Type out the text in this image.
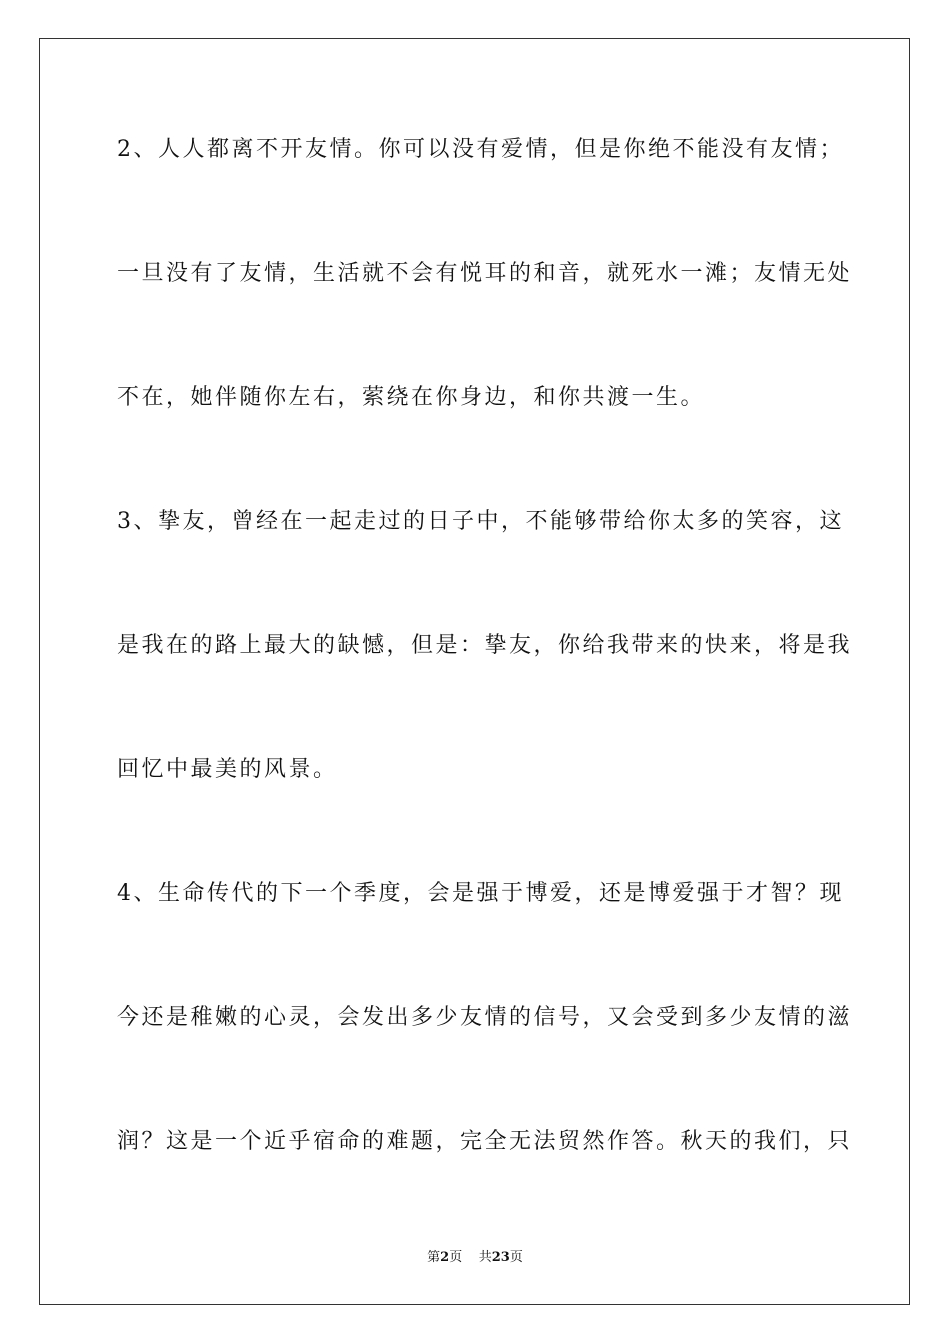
2、人人都离不开友情。你可以没有爱情，但是你绝不能没有友情；

一旦没有了友情，生活就不会有悦耳的和音，就死水一滩；友情无处

不在，她伴随你左右，萦绕在你身边，和你共渡一生。

3、挚友，曾经在一起走过的日子中，不能够带给你太多的笑容，这

是我在的路上最大的缺憾，但是：挚友，你给我带来的快来，将是我

回忆中最美的风景。

4、生命传代的下一个季度，会是强于博爱，还是博爱强于才智？现

今还是稚嫩的心灵，会发出多少友情的信号，又会受到多少友情的滋

润？这是一个近乎宿命的难题，完全无法贸然作答。秋天的我们，只

第2页 共23页
